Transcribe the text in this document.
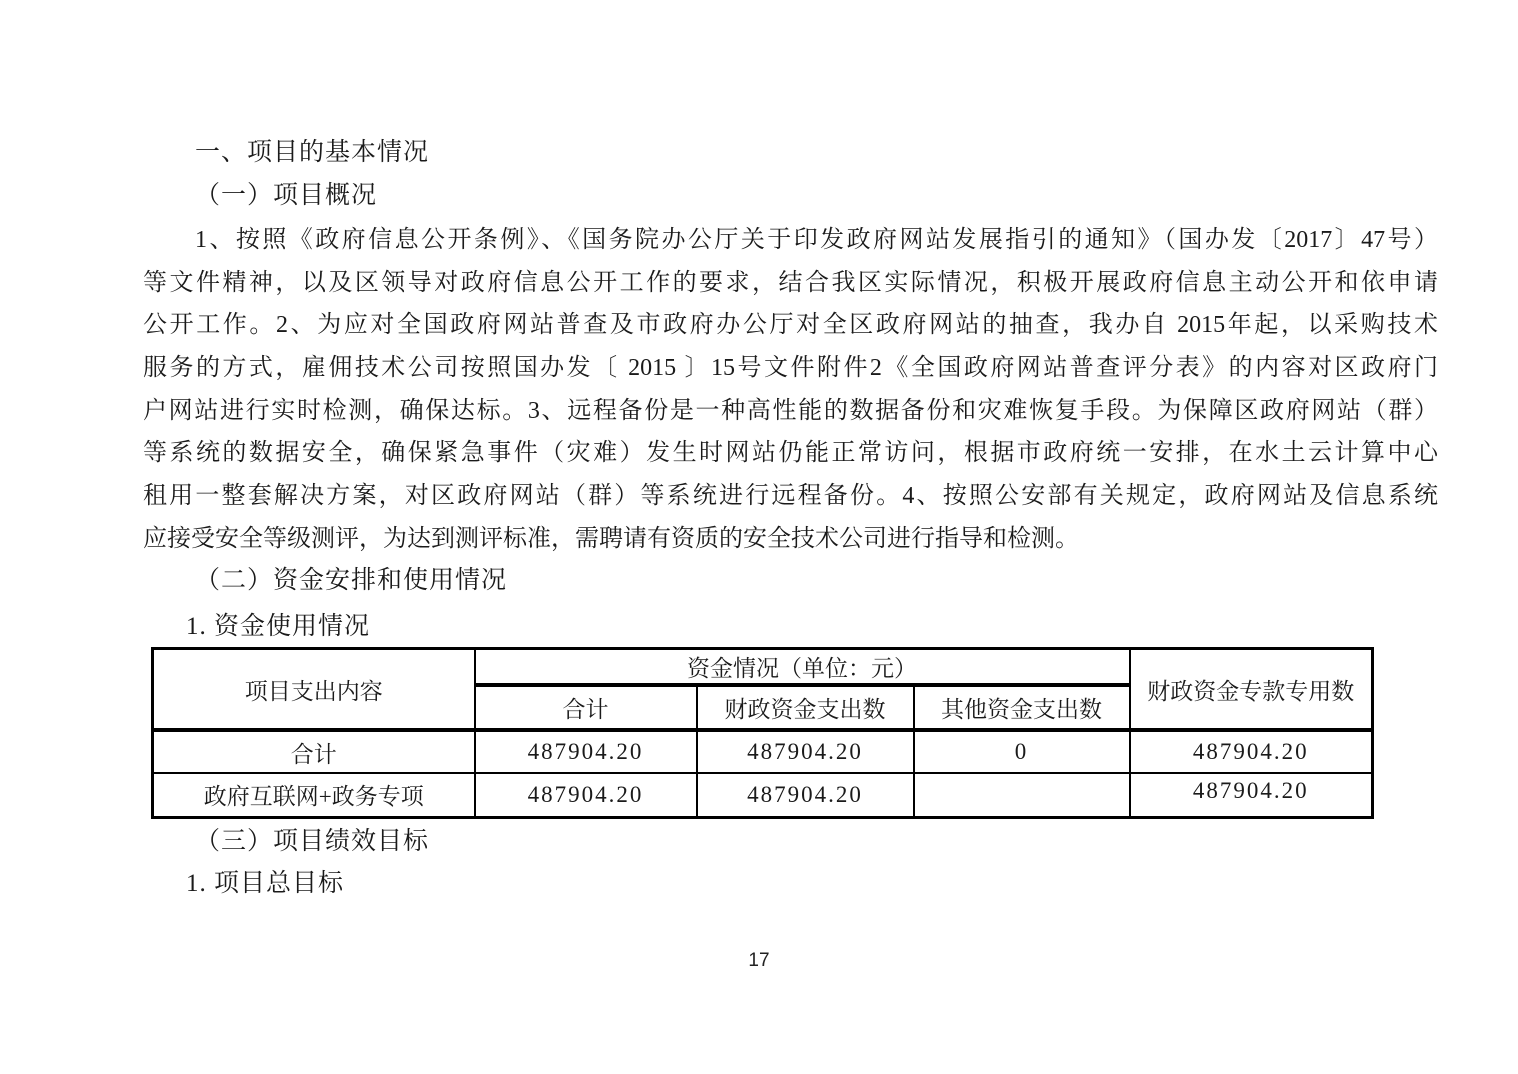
一、项目的基本情况
（一）项目概况
1、按照《政府信息公开条例》、《国务院办公厅关于印发政府网站发展指引的通知》（国办发〔2017〕47号）
等文件精神，以及区领导对政府信息公开工作的要求，结合我区实际情况，积极开展政府信息主动公开和依申请
公开工作。2、为应对全国政府网站普查及市政府办公厅对全区政府网站的抽查，我办自 2015年起，以采购技术
服务的方式，雇佣技术公司按照国办发〔 2015 〕15号文件附件2《全国政府网站普查评分表》的内容对区政府门
户网站进行实时检测，确保达标。3、远程备份是一种高性能的数据备份和灾难恢复手段。为保障区政府网站（群）
等系统的数据安全，确保紧急事件（灾难）发生时网站仍能正常访问，根据市政府统一安排，在水土云计算中心
租用一整套解决方案，对区政府网站（群）等系统进行远程备份。4、按照公安部有关规定，政府网站及信息系统
应接受安全等级测评，为达到测评标准，需聘请有资质的安全技术公司进行指导和检测。
（二）资金安排和使用情况
1. 资金使用情况
项目支出内容	资金情况（单位：元）			财政资金专款专用数
	合计	财政资金支出数	其他资金支出数	
合计	487904.20	487904.20	0	487904.20
政府互联网+政务专项	487904.20	487904.20		487904.20
（三）项目绩效目标
1. 项目总目标
17
